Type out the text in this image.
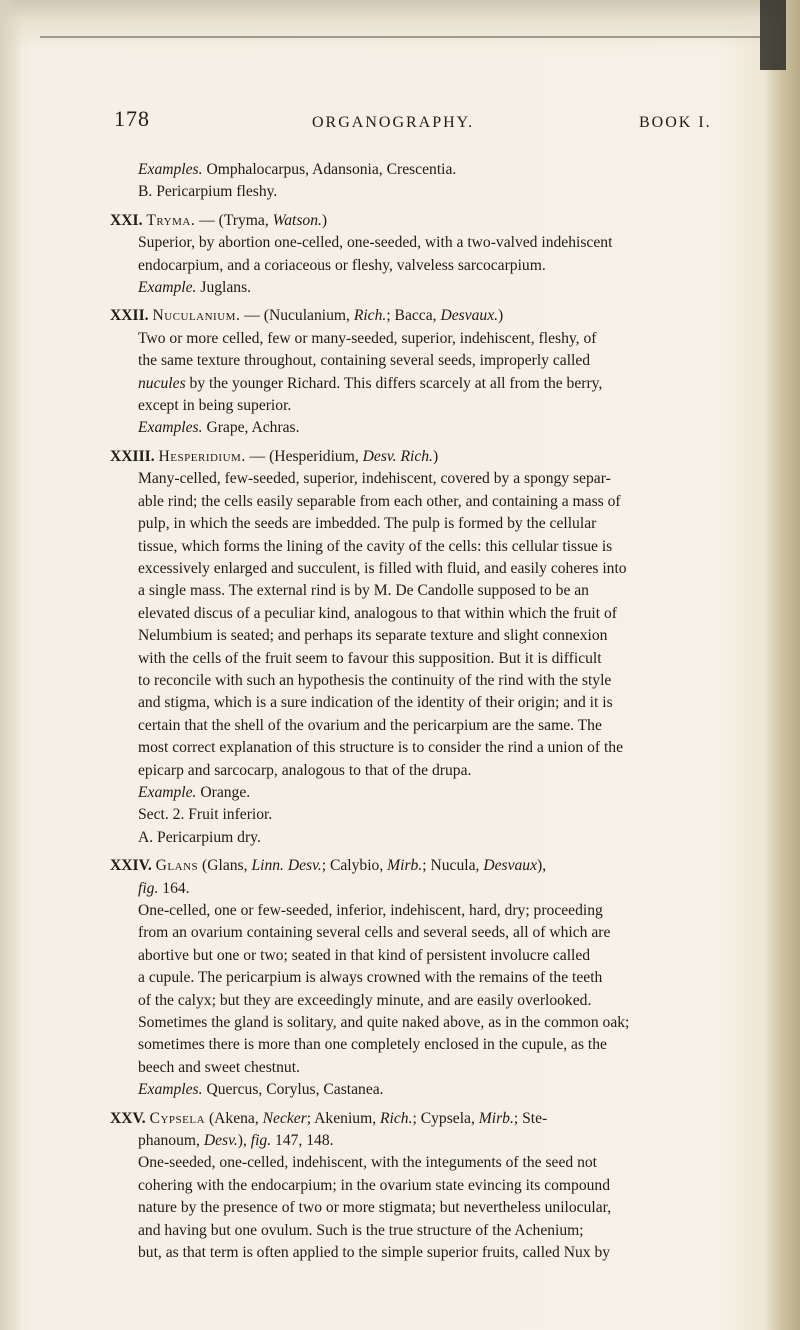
178	ORGANOGRAPHY.	BOOK I.
Examples. Omphalocarpus, Adansonia, Crescentia.
B. Pericarpium fleshy.
XXI. Tryma. — (Tryma, Watson.)
Superior, by abortion one-celled, one-seeded, with a two-valved indehiscent
endocarpium, and a coriaceous or fleshy, valveless sarcocarpium.
Example. Juglans.
XXII. Nuculanium. — (Nuculanium, Rich.; Bacca, Desvaux.)
Two or more celled, few or many-seeded, superior, indehiscent, fleshy, of
the same texture throughout, containing several seeds, improperly called
nucules by the younger Richard. This differs scarcely at all from the berry,
except in being superior.
Examples. Grape, Achras.
XXIII. Hesperidium. — (Hesperidium, Desv. Rich.)
Many-celled, few-seeded, superior, indehiscent, covered by a spongy separ-
able rind; the cells easily separable from each other, and containing a mass of
pulp, in which the seeds are imbedded. The pulp is formed by the cellular
tissue, which forms the lining of the cavity of the cells: this cellular tissue is
excessively enlarged and succulent, is filled with fluid, and easily coheres into
a single mass. The external rind is by M. De Candolle supposed to be an
elevated discus of a peculiar kind, analogous to that within which the fruit of
Nelumbium is seated; and perhaps its separate texture and slight connexion
with the cells of the fruit seem to favour this supposition. But it is difficult
to reconcile with such an hypothesis the continuity of the rind with the style
and stigma, which is a sure indication of the identity of their origin; and it is
certain that the shell of the ovarium and the pericarpium are the same. The
most correct explanation of this structure is to consider the rind a union of the
epicarp and sarcocarp, analogous to that of the drupa.
Example. Orange.
Sect. 2. Fruit inferior.
A. Pericarpium dry.
XXIV. Glans (Glans, Linn. Desv.; Calybio, Mirb.; Nucula, Desvaux),
fig. 164.
One-celled, one or few-seeded, inferior, indehiscent, hard, dry; proceeding
from an ovarium containing several cells and several seeds, all of which are
abortive but one or two; seated in that kind of persistent involucre called
a cupule. The pericarpium is always crowned with the remains of the teeth
of the calyx; but they are exceedingly minute, and are easily overlooked.
Sometimes the gland is solitary, and quite naked above, as in the common oak;
sometimes there is more than one completely enclosed in the cupule, as the
beech and sweet chestnut.
Examples. Quercus, Corylus, Castanea.
XXV. Cypsela (Akena, Necker; Akenium, Rich.; Cypsela, Mirb.; Ste-
phanoum, Desv.), fig. 147, 148.
One-seeded, one-celled, indehiscent, with the integuments of the seed not
cohering with the endocarpium; in the ovarium state evincing its compound
nature by the presence of two or more stigmata; but nevertheless unilocular,
and having but one ovulum. Such is the true structure of the Achenium;
but, as that term is often applied to the simple superior fruits, called Nux by
